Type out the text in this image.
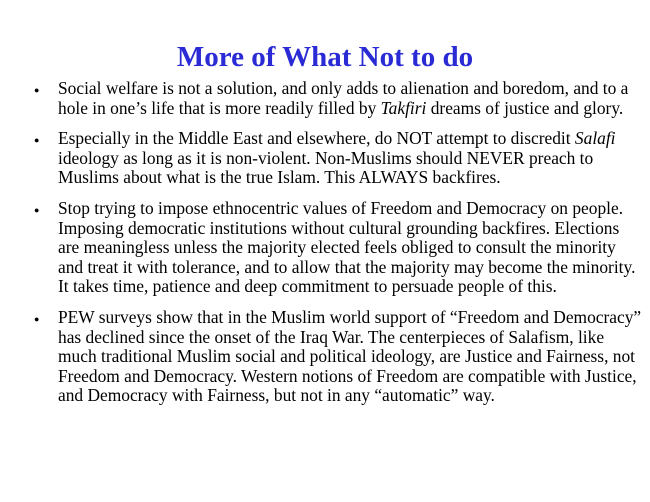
More of What Not to do
● Social welfare is not a solution, and only adds to alienation and boredom, and to a hole in one’s life that is more readily filled by Takfiri dreams of justice and glory.
● Especially in the Middle East and elsewhere, do NOT attempt to discredit Salafi ideology as long as it is non-violent. Non-Muslims should NEVER preach to Muslims about what is the true Islam. This ALWAYS backfires.
● Stop trying to impose ethnocentric values of Freedom and Democracy on people. Imposing democratic institutions without cultural grounding backfires. Elections are meaningless unless the majority elected feels obliged to consult the minority and treat it with tolerance, and to allow that the majority may become the minority. It takes time, patience and deep commitment to persuade people of this.
● PEW surveys show that in the Muslim world support of “Freedom and Democracy” has declined since the onset of the Iraq War. The centerpieces of Salafism, like much traditional Muslim social and political ideology, are Justice and Fairness, not Freedom and Democracy. Western notions of Freedom are compatible with Justice, and Democracy with Fairness, but not in any “automatic” way.
